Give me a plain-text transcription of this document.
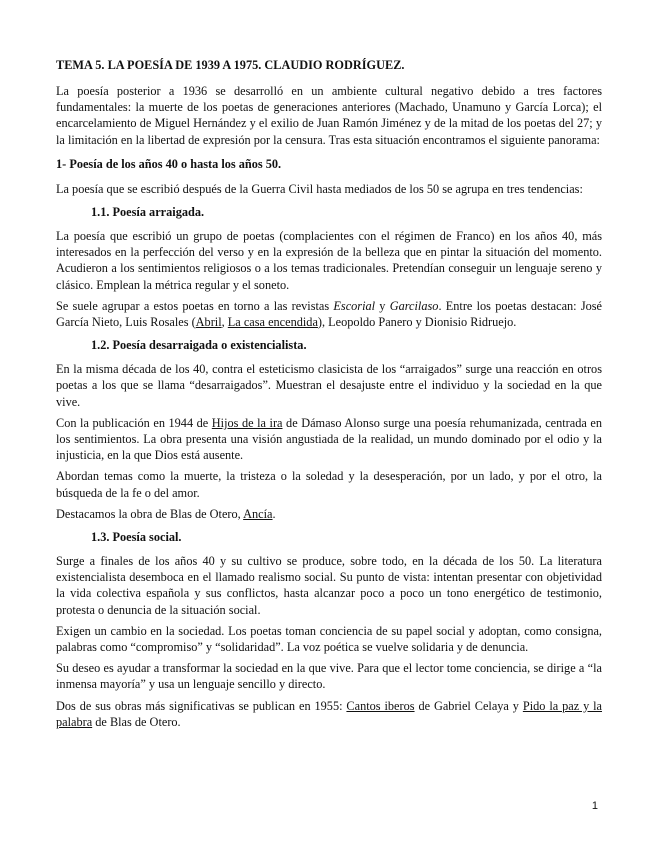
TEMA 5. LA POESÍA DE 1939 A 1975. CLAUDIO RODRÍGUEZ.

La poesía posterior a 1936 se desarrolló en un ambiente cultural negativo debido a tres factores fundamentales: la muerte de los poetas de generaciones anteriores (Machado, Unamuno y García Lorca); el encarcelamiento de Miguel Hernández y el exilio de Juan Ramón Jiménez y de la mitad de los poetas del 27; y la limitación en la libertad de expresión por la censura. Tras esta situación encontramos el siguiente panorama:

1- Poesía de los años 40 o hasta los años 50.

La poesía que se escribió después de la Guerra Civil hasta mediados de los 50 se agrupa en tres tendencias:

1.1. Poesía arraigada.

La poesía que escribió un grupo de poetas (complacientes con el régimen de Franco) en los años 40, más interesados en la perfección del verso y en la expresión de la belleza que en pintar la situación del momento. Acudieron a los sentimientos religiosos o a los temas tradicionales. Pretendían conseguir un lenguaje sereno y clásico. Emplean la métrica regular y el soneto.

Se suele agrupar a estos poetas en torno a las revistas Escorial y Garcilaso. Entre los poetas destacan: José García Nieto, Luis Rosales (Abril, La casa encendida), Leopoldo Panero y Dionisio Ridruejo.

1.2. Poesía desarraigada o existencialista.

En la misma década de los 40, contra el esteticismo clasicista de los “arraigados” surge una reacción en otros poetas a los que se llama “desarraigados”. Muestran el desajuste entre el individuo y la sociedad en la que vive.

Con la publicación en 1944 de Hijos de la ira de Dámaso Alonso surge una poesía rehumanizada, centrada en los sentimientos. La obra presenta una visión angustiada de la realidad, un mundo dominado por el odio y la injusticia, en la que Dios está ausente.

Abordan temas como la muerte, la tristeza o la soledad y la desesperación, por un lado, y por el otro, la búsqueda de la fe o del amor.

Destacamos la obra de Blas de Otero, Ancía.

1.3. Poesía social.

Surge a finales de los años 40 y su cultivo se produce, sobre todo, en la década de los 50. La literatura existencialista desemboca en el llamado realismo social. Su punto de vista: intentan presentar con objetividad la vida colectiva española y sus conflictos, hasta alcanzar poco a poco un tono energético de testimonio, protesta o denuncia de la situación social.

Exigen un cambio en la sociedad. Los poetas toman conciencia de su papel social y adoptan, como consigna, palabras como “compromiso” y “solidaridad”. La voz poética se vuelve solidaria y de denuncia.

Su deseo es ayudar a transformar la sociedad en la que vive. Para que el lector tome conciencia, se dirige a “la inmensa mayoría” y usa un lenguaje sencillo y directo.

Dos de sus obras más significativas se publican en 1955: Cantos iberos de Gabriel Celaya y Pido la paz y la palabra de Blas de Otero.

1
